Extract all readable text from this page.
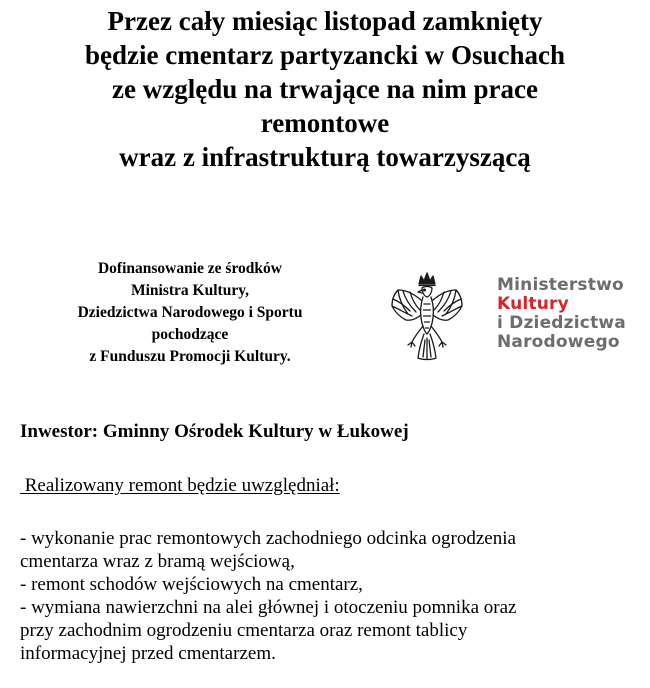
Przez cały miesiąc listopad zamknięty
będzie cmentarz partyzancki w Osuchach
ze względu na trwające na nim prace
remontowe
wraz z infrastrukturą towarzyszącą
Dofinansowanie ze środków
Ministra Kultury,
Dziedzictwa Narodowego i Sportu
pochodzące
z Funduszu Promocji Kultury.
Ministerstwo
Kultury
i Dziedzictwa
Narodowego
Inwestor: Gminny Ośrodek Kultury w Łukowej
Realizowany remont będzie uwzględniał:
- wykonanie prac remontowych zachodniego odcinka ogrodzenia
cmentarza wraz z bramą wejściową,
- remont schodów wejściowych na cmentarz,
- wymiana nawierzchni na alei głównej i otoczeniu pomnika oraz
przy zachodnim ogrodzeniu cmentarza oraz remont tablicy
informacyjnej przed cmentarzem.
